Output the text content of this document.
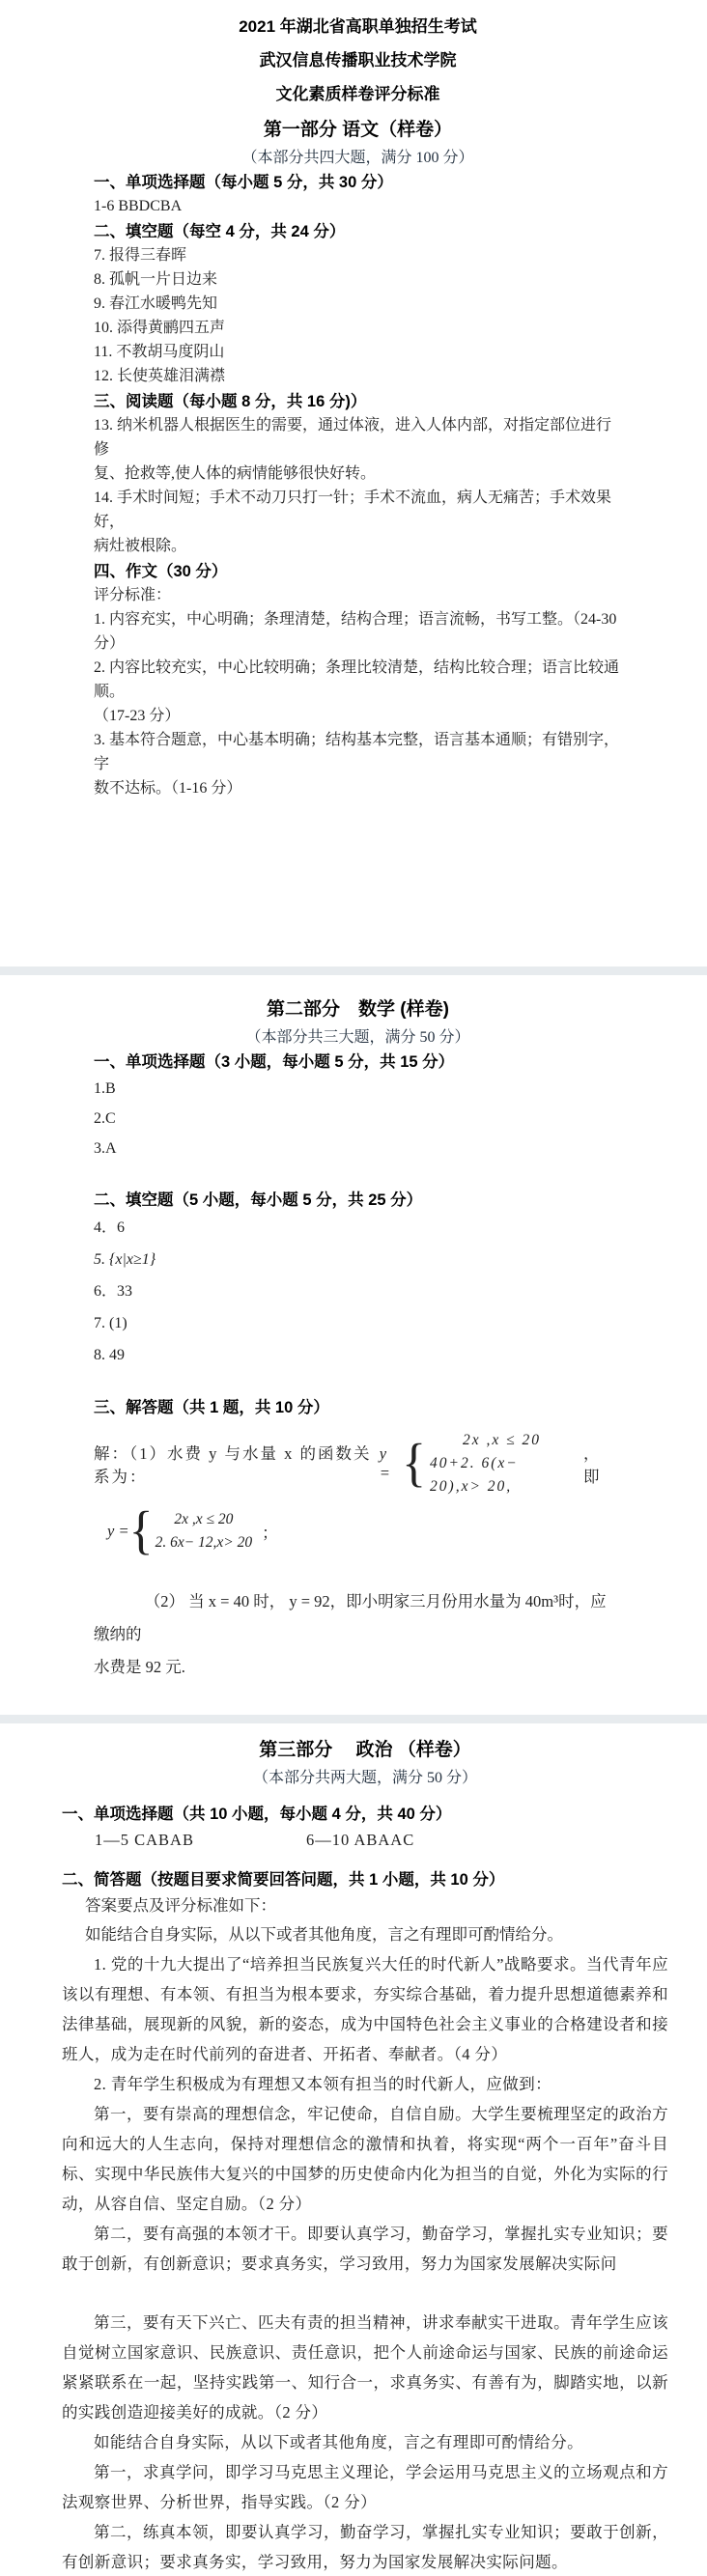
2021 年湖北省高职单独招生考试
武汉信息传播职业技术学院
文化素质样卷评分标准
第一部分 语文（样卷）
（本部分共四大题，满分 100 分）
一、单项选择题（每小题 5 分，共 30 分）
1-6 BBDCBA
二、填空题（每空 4 分，共 24 分）
7. 报得三春晖
8. 孤帆一片日边来
9. 春江水暖鸭先知
10. 添得黄鹂四五声
11. 不教胡马度阴山
12. 长使英雄泪满襟
三、阅读题（每小题 8 分，共 16 分)）
13. 纳米机器人根据医生的需要，通过体液，进入人体内部，对指定部位进行修
复、抢救等,使人体的病情能够很快好转。
14. 手术时间短；手术不动刀只打一针；手术不流血，病人无痛苦；手术效果好，
病灶被根除。
四、作文（30 分）
评分标准：
1. 内容充实，中心明确；条理清楚，结构合理；语言流畅，书写工整。（24-30
分）
2. 内容比较充实，中心比较明确；条理比较清楚，结构比较合理；语言比较通顺。
（17-23 分）
3. 基本符合题意，中心基本明确；结构基本完整，语言基本通顺；有错别字，字
数不达标。（1-16 分）
第二部分　数学 (样卷)
（本部分共三大题，满分 50 分）
一、单项选择题（3 小题，每小题 5 分，共 15 分）
1.B
2.C
3.A
二、填空题（5 小题，每小题 5 分，共 25 分）
4．6
5. {x|x≥1}
6．33
7. (1)
8. 49
三、解答题（共 1 题，共 10 分）
解：（1）水费 y 与水量 x 的函数关系为：
y = {	2x ,x ≤ 20
40+2. 6(x− 20),x> 20,
， 即
y = {	2x ,x ≤ 20
2. 6x− 12,x> 20
；
（2） 当 x = 40 时， y = 92，即小明家三月份用水量为 40m³时，应缴纳的
水费是 92 元.
第三部分　 政治 （样卷）
（本部分共两大题，满分 50 分）
一、单项选择题（共 10 小题，每小题 4 分，共 40 分）
1—5 CABAB	6—10 ABAAC
二、简答题（按题目要求简要回答问题，共 1 小题，共 10 分）
答案要点及评分标准如下：
如能结合自身实际，从以下或者其他角度，言之有理即可酌情给分。

1. 党的十九大提出了“培养担当民族复兴大任的时代新人”战略要求。当代青年应该以有理想、有本领、有担当为根本要求，夯实综合基础，着力提升思想道德素养和法律基础，展现新的风貌，新的姿态，成为中国特色社会主义事业的合格建设者和接班人，成为走在时代前列的奋进者、开拓者、奉献者。（4 分）

2. 青年学生积极成为有理想又本领有担当的时代新人，应做到：

第一，要有崇高的理想信念，牢记使命，自信自励。大学生要梳理坚定的政治方向和远大的人生志向，保持对理想信念的激情和执着，将实现“两个一百年”奋斗目标、实现中华民族伟大复兴的中国梦的历史使命内化为担当的自觉，外化为实际的行动，从容自信、坚定自励。（2 分）

第二，要有高强的本领才干。即要认真学习，勤奋学习，掌握扎实专业知识；要敢于创新，有创新意识；要求真务实，学习致用，努力为国家发展解决实际问

第三，要有天下兴亡、匹夫有责的担当精神，讲求奉献实干进取。青年学生应该自觉树立国家意识、民族意识、责任意识，把个人前途命运与国家、民族的前途命运紧紧联系在一起，坚持实践第一、知行合一，求真务实、有善有为，脚踏实地，以新的实践创造迎接美好的成就。（2 分）

如能结合自身实际，从以下或者其他角度，言之有理即可酌情给分。

第一，求真学问，即学习马克思主义理论，学会运用马克思主义的立场观点和方法观察世界、分析世界，指导实践。（2 分）

第二，练真本领，即要认真学习，勤奋学习，掌握扎实专业知识；要敢于创新，有创新意识；要求真务实，学习致用，努力为国家发展解决实际问题。
